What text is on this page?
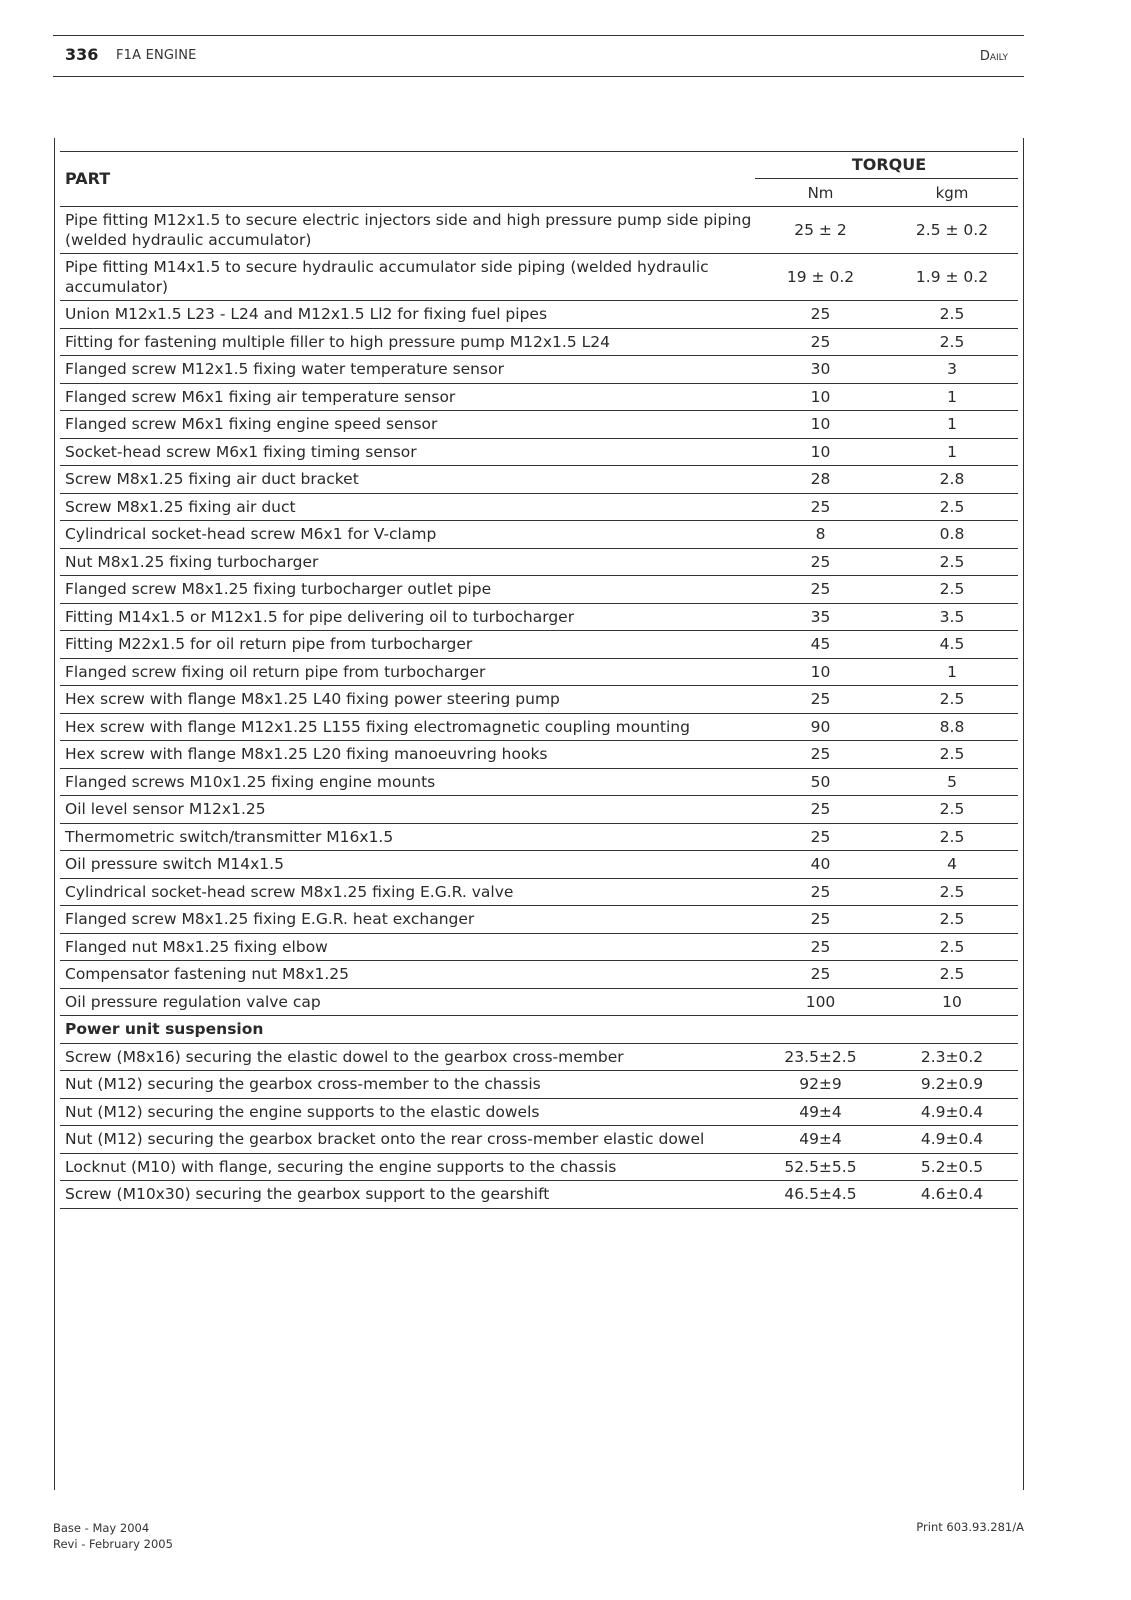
336 F1A ENGINE	Daily
PART	TORQUE	
	Nm	kgm
Pipe fitting M12x1.5 to secure electric injectors side and high pressure pump side piping (welded hydraulic accumulator)	25 ± 2	2.5 ± 0.2
Pipe fitting M14x1.5 to secure hydraulic accumulator side piping (welded hydraulic accumulator)	19 ± 0.2	1.9 ± 0.2
Union M12x1.5 L23 - L24 and M12x1.5 Ll2 for fixing fuel pipes	25	2.5
Fitting for fastening multiple filler to high pressure pump M12x1.5 L24	25	2.5
Flanged screw M12x1.5 fixing water temperature sensor	30	3
Flanged screw M6x1 fixing air temperature sensor	10	1
Flanged screw M6x1 fixing engine speed sensor	10	1
Socket-head screw M6x1 fixing timing sensor	10	1
Screw M8x1.25 fixing air duct bracket	28	2.8
Screw M8x1.25 fixing air duct	25	2.5
Cylindrical socket-head screw M6x1 for V-clamp	8	0.8
Nut M8x1.25 fixing turbocharger	25	2.5
Flanged screw M8x1.25 fixing turbocharger outlet pipe	25	2.5
Fitting M14x1.5 or M12x1.5 for pipe delivering oil to turbocharger	35	3.5
Fitting M22x1.5 for oil return pipe from turbocharger	45	4.5
Flanged screw fixing oil return pipe from turbocharger	10	1
Hex screw with flange M8x1.25 L40 fixing power steering pump	25	2.5
Hex screw with flange M12x1.25 L155 fixing electromagnetic coupling mounting	90	8.8
Hex screw with flange M8x1.25 L20 fixing manoeuvring hooks	25	2.5
Flanged screws M10x1.25 fixing engine mounts	50	5
Oil level sensor M12x1.25	25	2.5
Thermometric switch/transmitter M16x1.5	25	2.5
Oil pressure switch M14x1.5	40	4
Cylindrical socket-head screw M8x1.25 fixing E.G.R. valve	25	2.5
Flanged screw M8x1.25 fixing E.G.R. heat exchanger	25	2.5
Flanged nut M8x1.25 fixing elbow	25	2.5
Compensator fastening nut M8x1.25	25	2.5
Oil pressure regulation valve cap	100	10
Power unit suspension		
Screw (M8x16) securing the elastic dowel to the gearbox cross-member	23.5±2.5	2.3±0.2
Nut (M12) securing the gearbox cross-member to the chassis	92±9	9.2±0.9
Nut (M12) securing the engine supports to the elastic dowels	49±4	4.9±0.4
Nut (M12) securing the gearbox bracket onto the rear cross-member elastic dowel	49±4	4.9±0.4
Locknut (M10) with flange, securing the engine supports to the chassis	52.5±5.5	5.2±0.5
Screw (M10x30) securing the gearbox support to the gearshift	46.5±4.5	4.6±0.4
Base - May 2004
Revi - February 2005
Print 603.93.281/A
